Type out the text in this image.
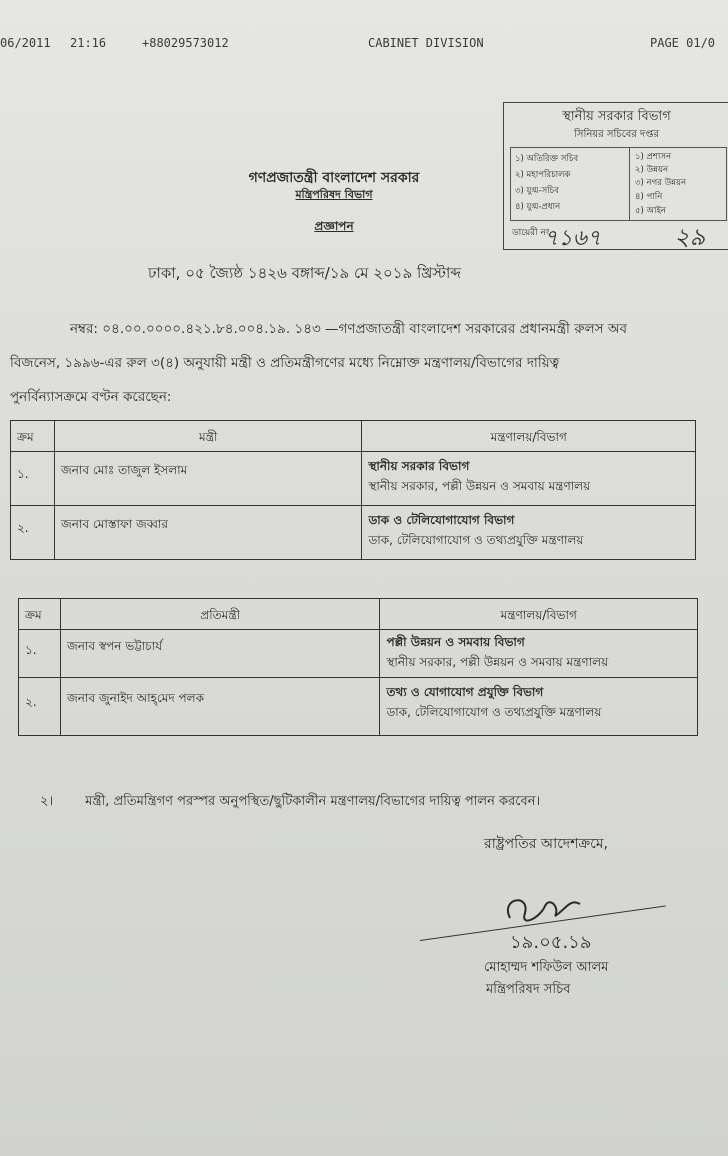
06/2011 21:16	+88029573012	CABINET DIVISION	PAGE 01/0
স্থানীয় সরকার বিভাগ
সিনিয়র সচিবের দপ্তর
১) অতিরিক্ত সচিব
২) মহাপরিচালক
৩) যুগ্ম-সচিব
৪) যুগ্ম-প্রধান
১) প্রশাসন
২) উন্নয়ন
৩) নগর উন্নয়ন
৪) পানি
৫) আইন
ডায়েরী নং
৭১৬৭	২৯
গণপ্রজাতন্ত্রী বাংলাদেশ সরকার
মন্ত্রিপরিষদ বিভাগ
প্রজ্ঞাপন
ঢাকা, ০৫ জ্যৈষ্ঠ ১৪২৬ বঙ্গাব্দ/১৯ মে ২০১৯ খ্রিস্টাব্দ
নম্বর: ০৪.০০.০০০০.৪২১.৮৪.০০৪.১৯. ১৪৩ —গণপ্রজাতন্ত্রী বাংলাদেশ সরকারের প্রধানমন্ত্রী রুলস অব
বিজনেস, ১৯৯৬-এর রুল ৩(৪) অনুযায়ী মন্ত্রী ও প্রতিমন্ত্রীগণের মধ্যে নিম্নোক্ত মন্ত্রণালয়/বিভাগের দায়িত্ব
পুনর্বিন্যাসক্রমে বণ্টন করেছেন:
ক্রম	মন্ত্রী	মন্ত্রণালয়/বিভাগ
১.	জনাব মোঃ তাজুল ইসলাম	স্থানীয় সরকার বিভাগ
স্থানীয় সরকার, পল্লী উন্নয়ন ও সমবায় মন্ত্রণালয়

২.	জনাব মোস্তাফা জব্বার	ডাক ও টেলিযোগাযোগ বিভাগ
ডাক, টেলিযোগাযোগ ও তথ্যপ্রযুক্তি মন্ত্রণালয়
ক্রম	প্রতিমন্ত্রী	মন্ত্রণালয়/বিভাগ
১.	জনাব স্বপন ভট্টাচার্য	পল্লী উন্নয়ন ও সমবায় বিভাগ
স্থানীয় সরকার, পল্লী উন্নয়ন ও সমবায় মন্ত্রণালয়

২.	জনাব জুনাইদ আহ্‌মেদ পলক	তথ্য ও যোগাযোগ প্রযুক্তি বিভাগ
ডাক, টেলিযোগাযোগ ও তথ্যপ্রযুক্তি মন্ত্রণালয়
২। মন্ত্রী, প্রতিমন্ত্রিগণ পরস্পর অনুপস্থিত/ছুটিকালীন মন্ত্রণালয়/বিভাগের দায়িত্ব পালন করবেন।
রাষ্ট্রপতির আদেশক্রমে,
১৯.০৫.১৯
মোহাম্মদ শফিউল আলম
মন্ত্রিপরিষদ সচিব
